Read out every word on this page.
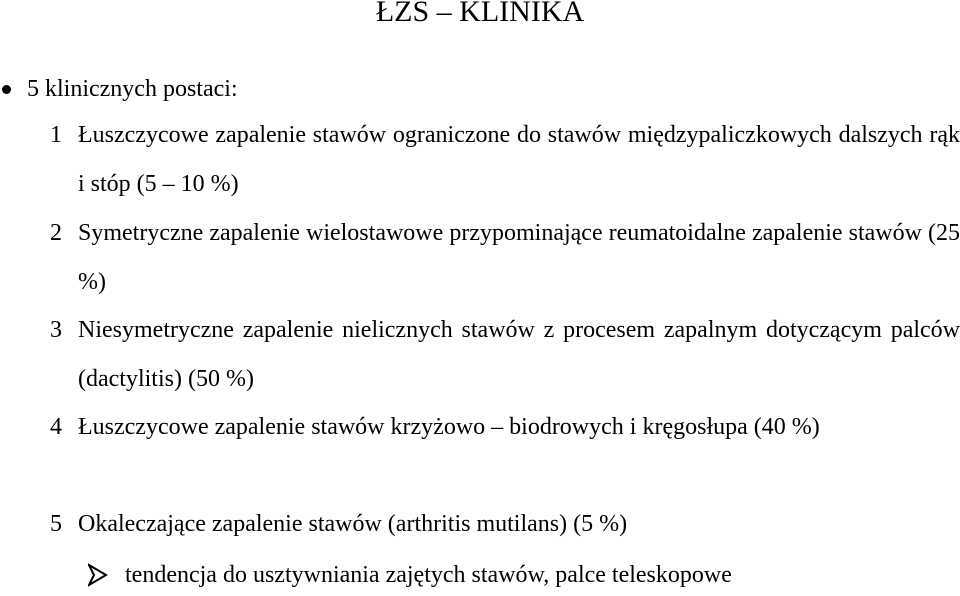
ŁZS – KLINIKA
5 klinicznych postaci:
1 Łuszczycowe zapalenie stawów ograniczone do stawów międzypaliczkowych dalszych rąk i stóp (5 – 10 %)
2 Symetryczne zapalenie wielostawowe przypominające reumatoidalne zapalenie stawów (25 %)
3 Niesymetryczne zapalenie nielicznych stawów z procesem zapalnym dotyczącym palców (dactylitis) (50 %)
4 Łuszczycowe zapalenie stawów krzyżowo – biodrowych i kręgosłupa (40 %)
5 Okaleczające zapalenie stawów (arthritis mutilans) (5 %)
tendencja do usztywniania zajętych stawów, palce teleskopowe
